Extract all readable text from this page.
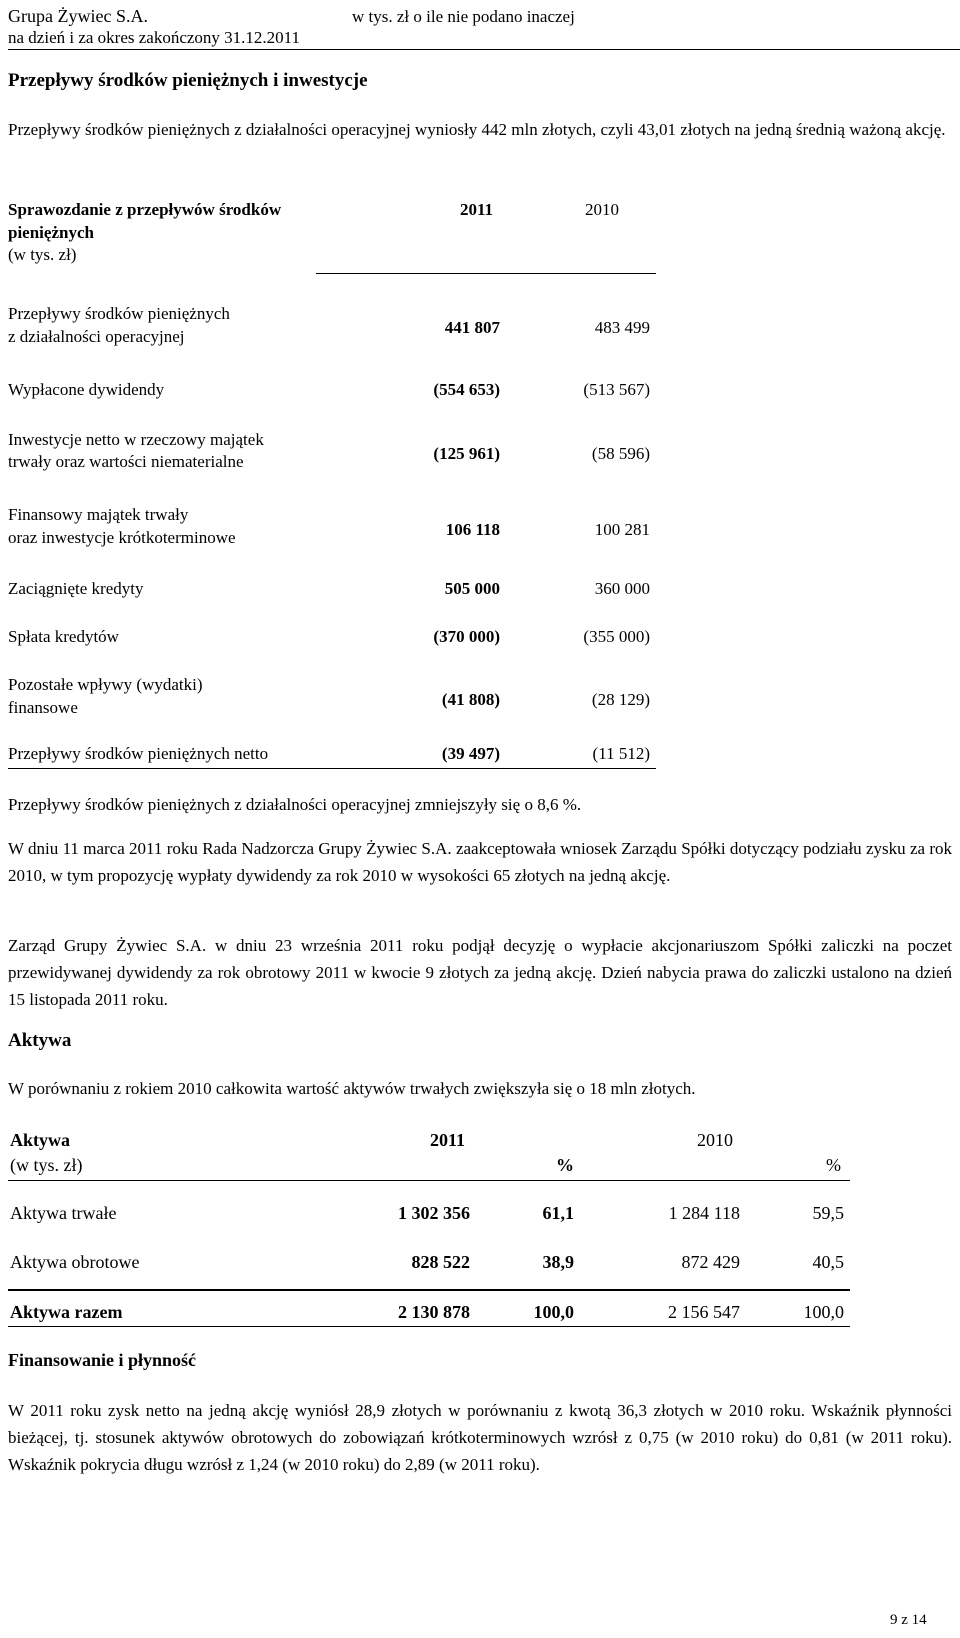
Grupa Żywiec S.A.
na dzień i za okres zakończony 31.12.2011
w tys. zł o ile nie podano inaczej
Przepływy środków pieniężnych i inwestycje
Przepływy środków pieniężnych z działalności operacyjnej wyniosły 442 mln złotych, czyli 43,01 złotych na jedną średnią ważoną akcję.
Sprawozdanie z przepływów środków
pieniężnych
(w tys. zł)
2011	2010
Przepływy środków pieniężnych
z działalności operacyjnej	441 807	483 499
Wypłacone dywidendy	(554 653)	(513 567)
Inwestycje netto w rzeczowy majątek
trwały oraz wartości niematerialne	(125 961)	(58 596)
Finansowy majątek trwały
oraz inwestycje krótkoterminowe	106 118	100 281
Zaciągnięte kredyty	505 000	360 000
Spłata kredytów	(370 000)	(355 000)
Pozostałe wpływy (wydatki)
finansowe	(41 808)	(28 129)
Przepływy środków pieniężnych netto	(39 497)	(11 512)
Przepływy środków pieniężnych z działalności operacyjnej zmniejszyły się o 8,6 %.
W dniu 11 marca 2011 roku Rada Nadzorcza Grupy Żywiec S.A. zaakceptowała wniosek Zarządu Spółki dotyczący podziału zysku za rok 2010, w tym propozycję wypłaty dywidendy za rok 2010 w wysokości 65 złotych na jedną akcję.
Zarząd Grupy Żywiec S.A. w dniu 23 września 2011 roku podjął decyzję o wypłacie akcjonariuszom Spółki zaliczki na poczet przewidywanej dywidendy za rok obrotowy 2011 w kwocie 9 złotych za jedną akcję. Dzień nabycia prawa do zaliczki ustalono na dzień 15 listopada 2011 roku.
Aktywa
W porównaniu z rokiem 2010 całkowita wartość aktywów trwałych zwiększyła się o 18 mln złotych.
Aktywa
(w tys. zł)
2011	2010
%	%
Aktywa trwałe	1 302 356	61,1	1 284 118	59,5
Aktywa obrotowe	828 522	38,9	872 429	40,5
Aktywa razem	2 130 878	100,0	2 156 547	100,0
Finansowanie i płynność
W 2011 roku zysk netto na jedną akcję wyniósł 28,9 złotych w porównaniu z kwotą 36,3 złotych w 2010 roku. Wskaźnik płynności bieżącej, tj. stosunek aktywów obrotowych do zobowiązań krótkoterminowych wzrósł z 0,75 (w 2010 roku) do 0,81 (w 2011 roku). Wskaźnik pokrycia długu wzrósł z 1,24 (w 2010 roku) do 2,89 (w 2011 roku).
9 z 14
